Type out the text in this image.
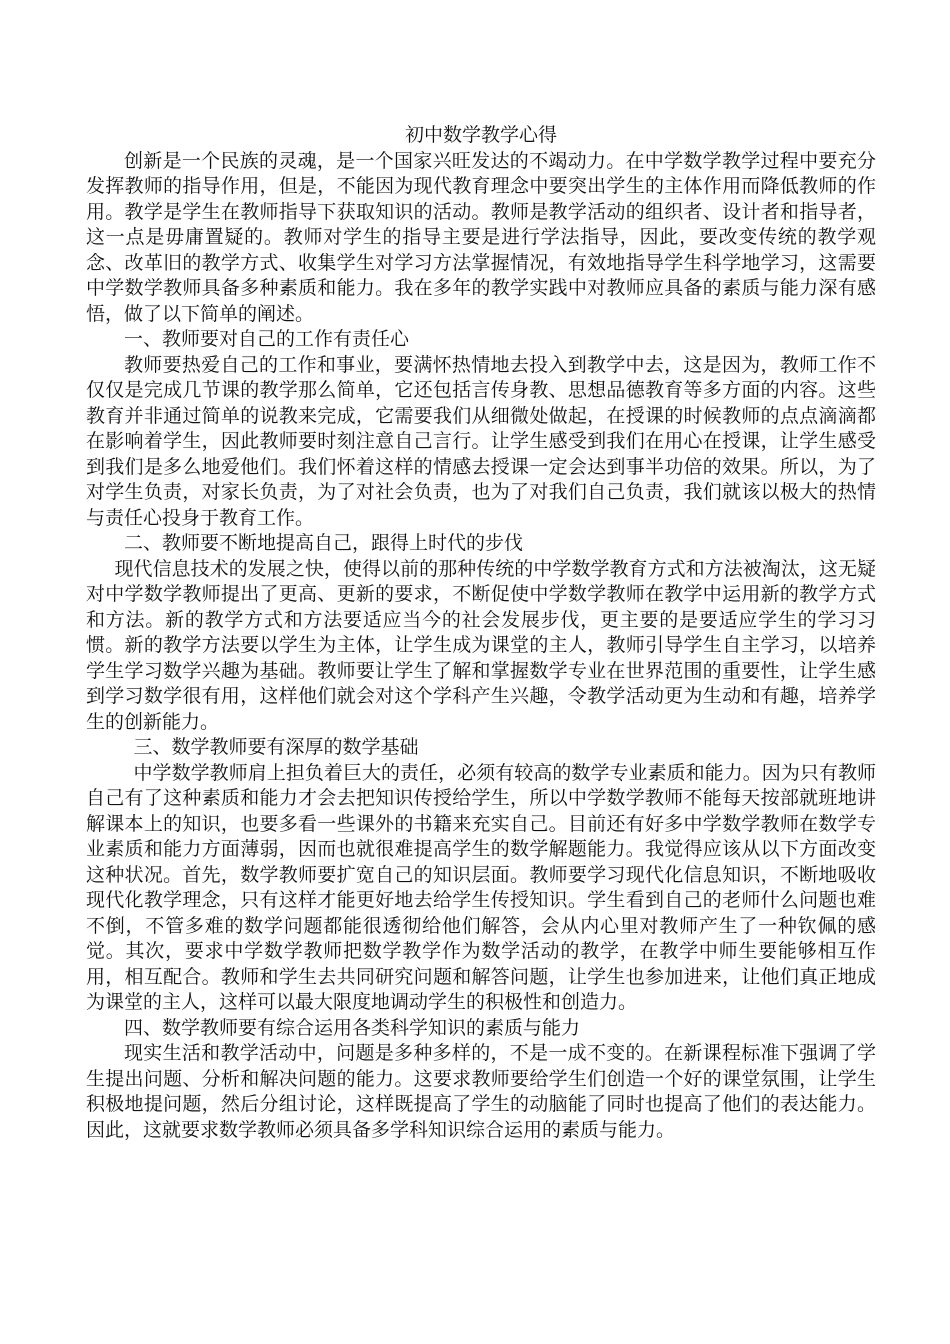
初中数学教学心得

创新是一个民族的灵魂，是一个国家兴旺发达的不竭动力。在中学数学教学过程中要充分发挥教师的指导作用，但是，不能因为现代教育理念中要突出学生的主体作用而降低教师的作用。教学是学生在教师指导下获取知识的活动。教师是教学活动的组织者、设计者和指导者，这一点是毋庸置疑的。教师对学生的指导主要是进行学法指导，因此，要改变传统的教学观念、改革旧的教学方式、收集学生对学习方法掌握情况，有效地指导学生科学地学习，这需要中学数学教师具备多种素质和能力。我在多年的教学实践中对教师应具备的素质与能力深有感悟，做了以下简单的阐述。

一、教师要对自己的工作有责任心

教师要热爱自己的工作和事业，要满怀热情地去投入到教学中去，这是因为，教师工作不仅仅是完成几节课的教学那么简单，它还包括言传身教、思想品德教育等多方面的内容。这些教育并非通过简单的说教来完成，它需要我们从细微处做起，在授课的时候教师的点点滴滴都在影响着学生，因此教师要时刻注意自己言行。让学生感受到我们在用心在授课，让学生感受到我们是多么地爱他们。我们怀着这样的情感去授课一定会达到事半功倍的效果。所以，为了对学生负责，对家长负责，为了对社会负责，也为了对我们自己负责，我们就该以极大的热情与责任心投身于教育工作。

二、教师要不断地提高自己，跟得上时代的步伐

现代信息技术的发展之快，使得以前的那种传统的中学数学教育方式和方法被淘汰，这无疑对中学数学教师提出了更高、更新的要求，不断促使中学数学教师在教学中运用新的教学方式和方法。新的教学方式和方法要适应当今的社会发展步伐，更主要的是要适应学生的学习习惯。新的教学方法要以学生为主体，让学生成为课堂的主人，教师引导学生自主学习，以培养学生学习数学兴趣为基础。教师要让学生了解和掌握数学专业在世界范围的重要性，让学生感到学习数学很有用，这样他们就会对这个学科产生兴趣，令教学活动更为生动和有趣，培养学生的创新能力。

三、数学教师要有深厚的数学基础

中学数学教师肩上担负着巨大的责任，必须有较高的数学专业素质和能力。因为只有教师自己有了这种素质和能力才会去把知识传授给学生，所以中学数学教师不能每天按部就班地讲解课本上的知识，也要多看一些课外的书籍来充实自己。目前还有好多中学数学教师在数学专业素质和能力方面薄弱，因而也就很难提高学生的数学解题能力。我觉得应该从以下方面改变这种状况。首先，数学教师要扩宽自己的知识层面。教师要学习现代化信息知识，不断地吸收现代化教学理念，只有这样才能更好地去给学生传授知识。学生看到自己的老师什么问题也难不倒，不管多难的数学问题都能很透彻给他们解答，会从内心里对教师产生了一种钦佩的感觉。其次，要求中学数学教师把数学教学作为数学活动的教学，在教学中师生要能够相互作用，相互配合。教师和学生去共同研究问题和解答问题，让学生也参加进来，让他们真正地成为课堂的主人，这样可以最大限度地调动学生的积极性和创造力。

四、数学教师要有综合运用各类科学知识的素质与能力

现实生活和教学活动中，问题是多种多样的，不是一成不变的。在新课程标准下强调了学生提出问题、分析和解决问题的能力。这要求教师要给学生们创造一个好的课堂氛围，让学生积极地提问题，然后分组讨论，这样既提高了学生的动脑能了同时也提高了他们的表达能力。因此，这就要求数学教师必须具备多学科知识综合运用的素质与能力。
